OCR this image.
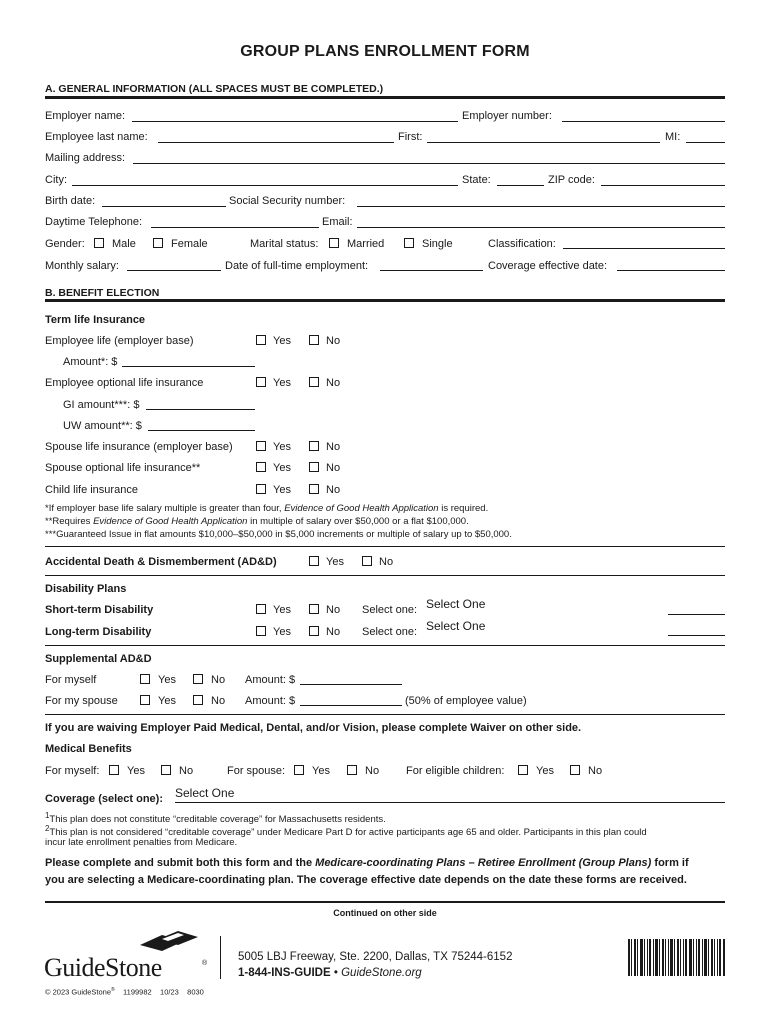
GROUP PLANS ENROLLMENT FORM
A. GENERAL INFORMATION (ALL SPACES MUST BE COMPLETED.)
Employer name:	Employer number:
Employee last name:	First:	MI:
Mailing address:
City:	State:	ZIP code:
Birth date:	Social Security number:
Daytime Telephone:	Email:
Gender: Male	Female	Marital status:	Married	Single	Classification:
Monthly salary:	Date of full-time employment:	Coverage effective date:
B. BENEFIT ELECTION
Term life Insurance
Employee life (employer base)	Yes	No
Amount*: $
Employee optional life insurance	Yes	No
GI amount***: $
UW amount**: $
Spouse life insurance (employer base)	Yes	No
Spouse optional life insurance**	Yes	No
Child life insurance	Yes	No
*If employer base life salary multiple is greater than four, Evidence of Good Health Application is required.
**Requires Evidence of Good Health Application in multiple of salary over $50,000 or a flat $100,000.
***Guaranteed Issue in flat amounts $10,000–$50,000 in $5,000 increments or multiple of salary up to $50,000.
Accidental Death & Dismemberment (AD&D)	Yes	No
Disability Plans
Short-term Disability	Yes	No Select one: Select One
Long-term Disability	Yes	No Select one: Select One
Supplemental AD&D
For myself	Yes	No Amount: $
For my spouse	Yes	No Amount: $	(50% of employee value)
If you are waiving Employer Paid Medical, Dental, and/or Vision, please complete Waiver on other side.
Medical Benefits
For myself:	Yes	No	For spouse: Yes	No For eligible children:	Yes	No
Coverage (select one): Select One
$^1$This plan does not constitute “creditable coverage” for Massachusetts residents.
$^2$This plan is not considered “creditable coverage” under Medicare Part D for active participants age 65 and older. Participants in this plan could
incur late enrollment penalties from Medicare.
Please complete and submit both this form and the Medicare-coordinating Plans – Retiree Enrollment (Group Plans) form if
you are selecting a Medicare-coordinating plan. The coverage effective date depends on the date these forms are received.
Continued on other side
GuideStone	®
5005 LBJ Freeway, Ste. 2200, Dallas, TX 75244-6152
1-844-INS-GUIDE • GuideStone.org
© 2023 GuideStone® 1199982 10/23 8030
